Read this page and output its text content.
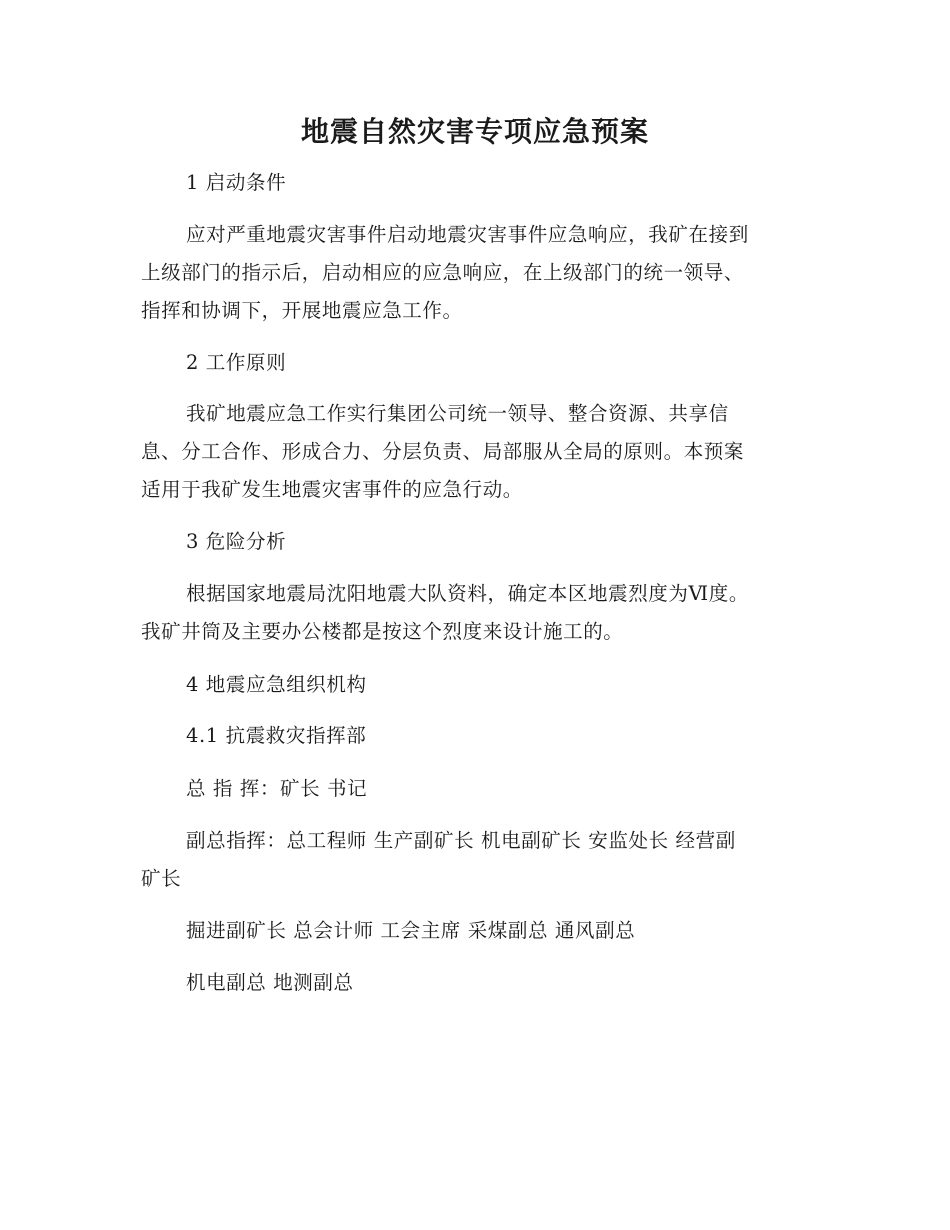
地震自然灾害专项应急预案

1 启动条件

应对严重地震灾害事件启动地震灾害事件应急响应，我矿在接到
上级部门的指示后，启动相应的应急响应，在上级部门的统一领导、
指挥和协调下，开展地震应急工作。

2 工作原则

我矿地震应急工作实行集团公司统一领导、整合资源、共享信
息、分工合作、形成合力、分层负责、局部服从全局的原则。本预案
适用于我矿发生地震灾害事件的应急行动。

3 危险分析

根据国家地震局沈阳地震大队资料，确定本区地震烈度为Ⅵ度。
我矿井筒及主要办公楼都是按这个烈度来设计施工的。

4 地震应急组织机构

4.1 抗震救灾指挥部

总 指 挥：矿长 书记

副总指挥：总工程师 生产副矿长 机电副矿长 安监处长 经营副
矿长

掘进副矿长 总会计师 工会主席 采煤副总 通风副总

机电副总 地测副总
